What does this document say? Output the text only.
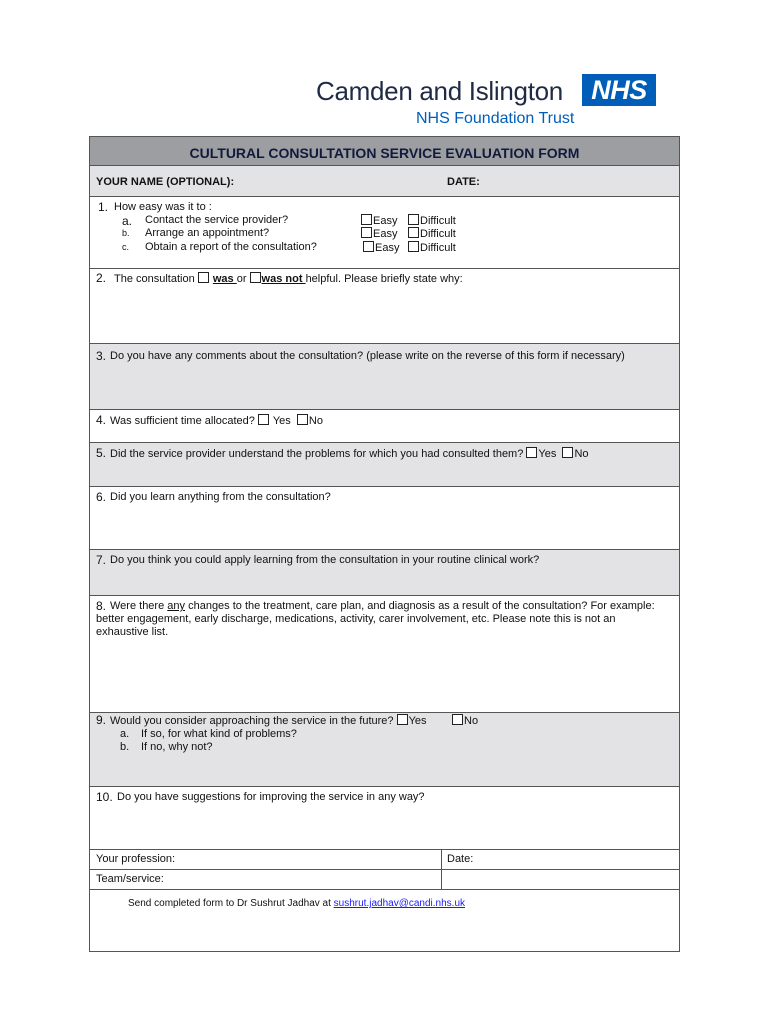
Camden and Islington	NHS
NHS Foundation Trust
CULTURAL CONSULTATION SERVICE EVALUATION FORM
YOUR NAME (OPTIONAL):	DATE:
1. How easy was it to :
a. Contact the service provider?	Easy	Difficult
b. Arrange an appointment?	Easy	Difficult
c. Obtain a report of the consultation?	Easy	Difficult
2. The consultation was or was not helpful. Please briefly state why:
3. Do you have any comments about the consultation? (please write on the reverse of this form if necessary)
4. Was sufficient time allocated? Yes No
5. Did the service provider understand the problems for which you had consulted them? Yes No
6. Did you learn anything from the consultation?
7. Do you think you could apply learning from the consultation in your routine clinical work?
8. Were there any changes to the treatment, care plan, and diagnosis as a result of the consultation? For example:
better engagement, early discharge, medications, activity, carer involvement, etc. Please note this is not an
exhaustive list.
9. Would you consider approaching the service in the future? Yes	No
a. If so, for what kind of problems?
b. If no, why not?
10. Do you have suggestions for improving the service in any way?
Your profession:	Date:
Team/service:
Send completed form to Dr Sushrut Jadhav at sushrut.jadhav@candi.nhs.uk
